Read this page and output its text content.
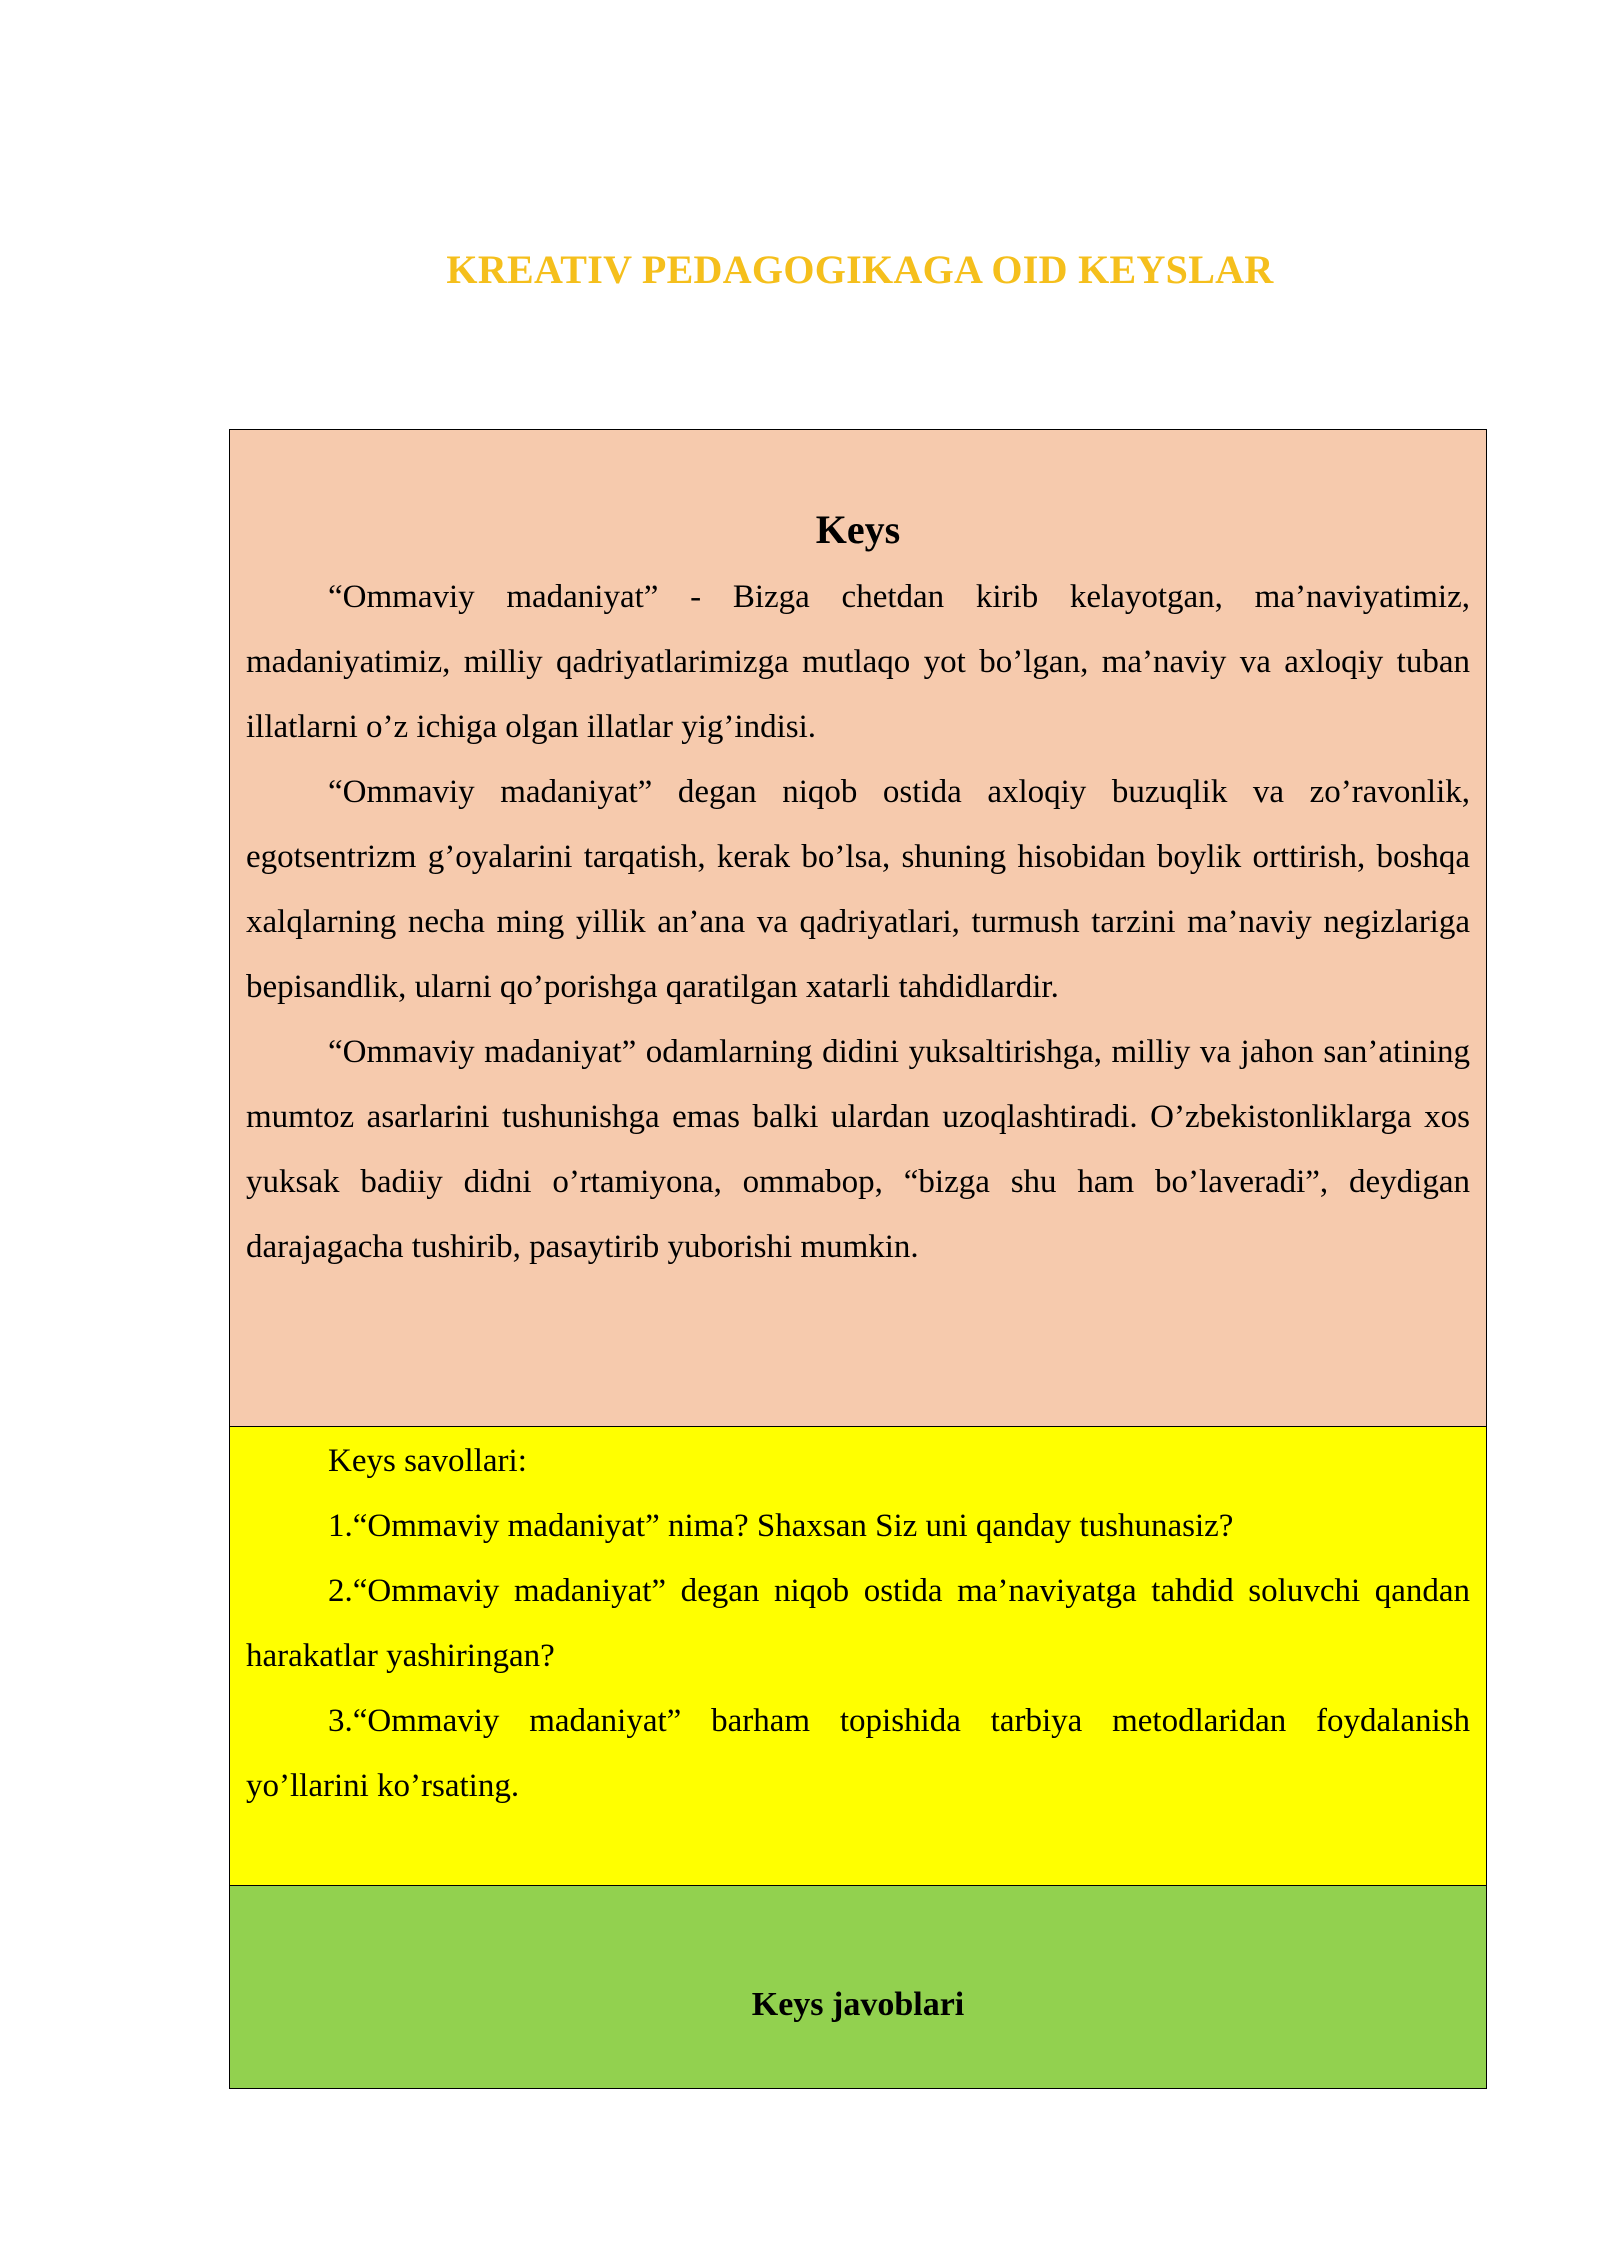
KREATIV PEDAGOGIKAGA OID KEYSLAR
Keys

“Ommaviy madaniyat” - Bizga chetdan kirib kelayotgan, ma’naviyatimiz, madaniyatimiz, milliy qadriyatlarimizga mutlaqo yot bo’lgan, ma’naviy va axloqiy tuban illatlarni o’z ichiga olgan illatlar yig’indisi.

“Ommaviy madaniyat” degan niqob ostida axloqiy buzuqlik va zo’ravonlik, egotsentrizm g’oyalarini tarqatish, kerak bo’lsa, shuning hisobidan boylik orttirish, boshqa xalqlarning necha ming yillik an’ana va qadriyatlari, turmush tarzini ma’naviy negizlariga bepisandlik, ularni qo’porishga qaratilgan xatarli tahdidlardir.

“Ommaviy madaniyat” odamlarning didini yuksaltirishga, milliy va jahon san’atining mumtoz asarlarini tushunishga emas balki ulardan uzoqlashtiradi. O’zbekistonliklarga xos yuksak badiiy didni o’rtamiyona, ommabop, “bizga shu ham bo’laveradi”, deydigan darajagacha tushirib, pasaytirib yuborishi mumkin.

Keys savollari:

1.“Ommaviy madaniyat” nima? Shaxsan Siz uni qanday tushunasiz?

2.“Ommaviy madaniyat” degan niqob ostida ma’naviyatga tahdid soluvchi qandan harakatlar yashiringan?

3.“Ommaviy madaniyat” barham topishida tarbiya metodlaridan foydalanish yo’llarini ko’rsating.

Keys javoblari
